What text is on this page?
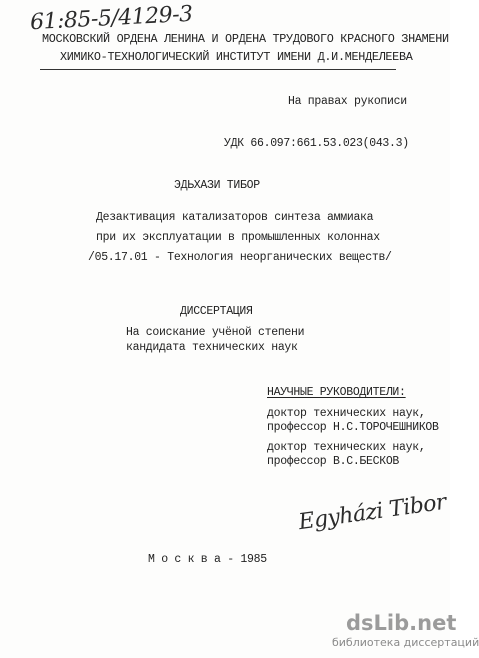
61:85-5/4129-3
МОСКОВСКИЙ ОРДЕНА ЛЕНИНА И ОРДЕНА ТРУДОВОГО КРАСНОГО ЗНАМЕНИ
ХИМИКО-ТЕХНОЛОГИЧЕСКИЙ ИНСТИТУТ ИМЕНИ Д.И.МЕНДЕЛЕЕВА
На правах рукописи
УДК 66.097:661.53.023(043.3)
ЭДЬХАЗИ ТИБОР
Дезактивация катализаторов синтеза аммиака
при их эксплуатации в промышленных колоннах
/05.17.01 - Технология неорганических веществ/
ДИССЕРТАЦИЯ
На соискание учёной степени
кандидата технических наук
НАУЧНЫЕ РУКОВОДИТЕЛИ:
доктор технических наук,
профессор Н.С.ТОРОЧЕШНИКОВ
доктор технических наук,
профессор В.С.БЕСКОВ
Egyházi Tibor
М о с к в а - 1985
dsLib.net
библиотека диссертаций
